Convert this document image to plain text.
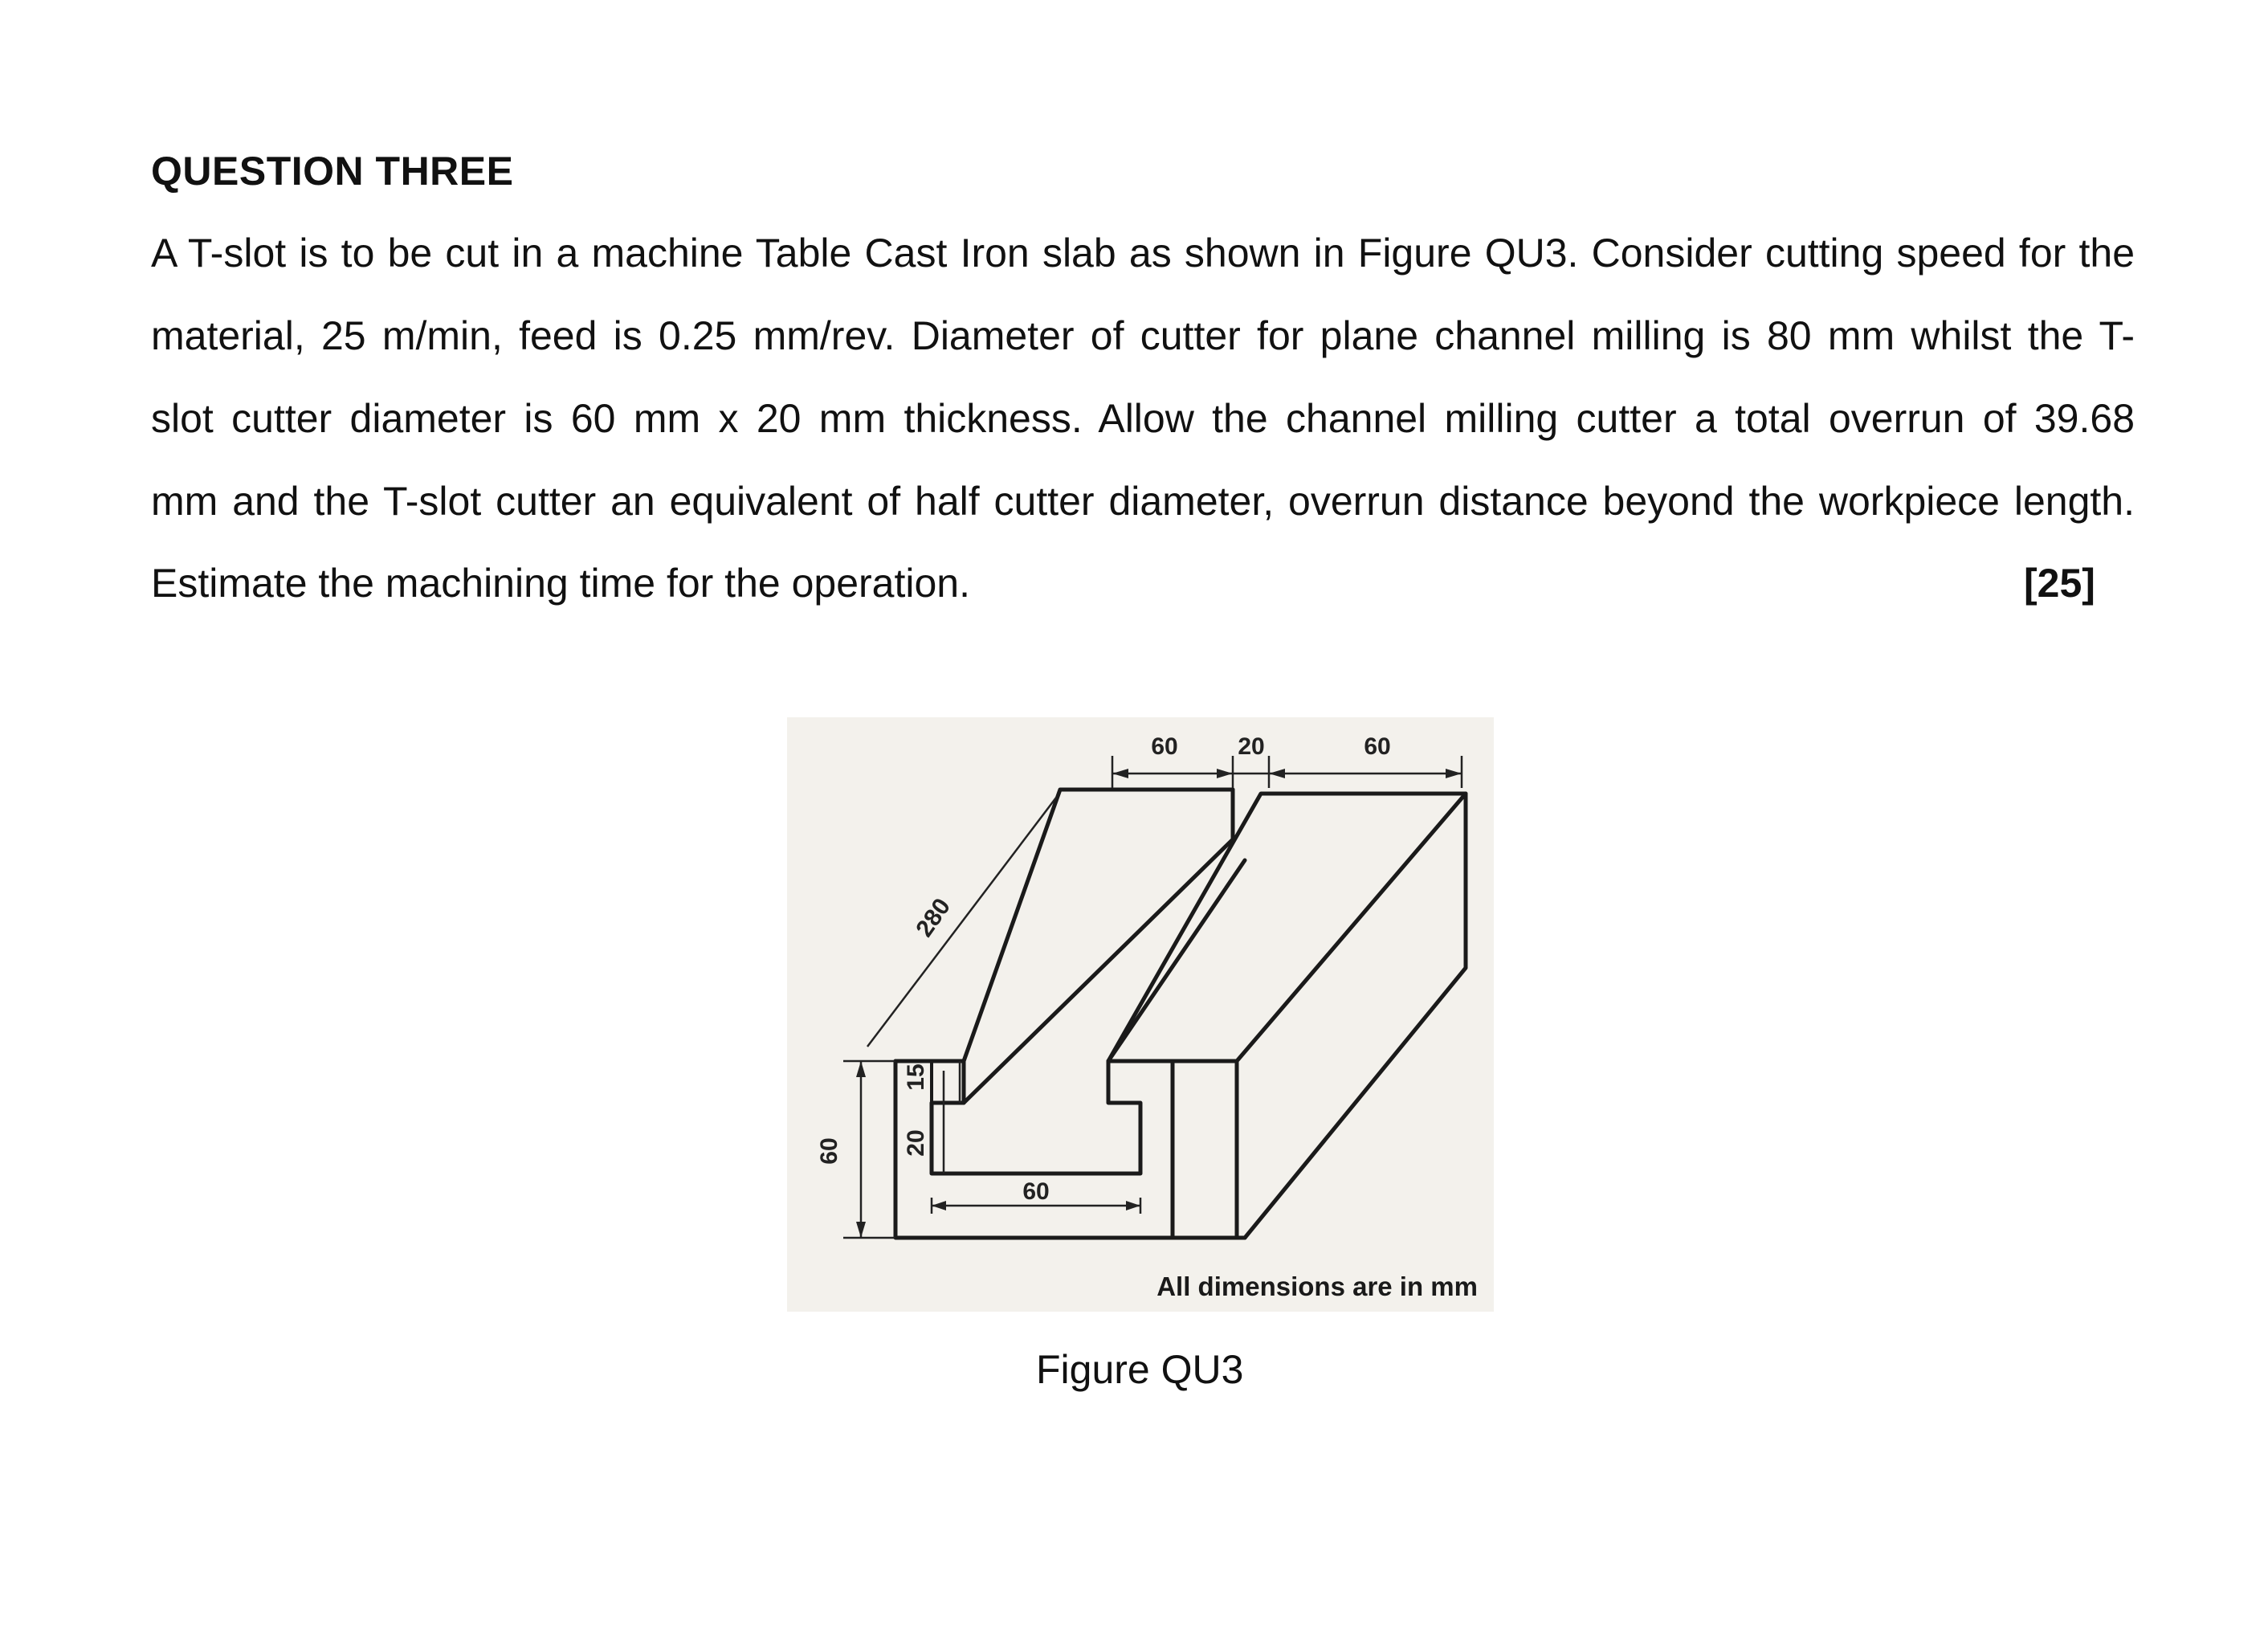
QUESTION THREE
A T-slot is to be cut in a machine Table Cast Iron slab as shown in Figure QU3. Consider cutting speed for the
material, 25 m/min, feed is 0.25 mm/rev. Diameter of cutter for plane channel milling is 80 mm whilst the T-
slot cutter diameter is 60 mm x 20 mm thickness. Allow the channel milling cutter a total overrun of 39.68
mm and the T-slot cutter an equivalent of half cutter diameter, overrun distance beyond the workpiece length.
Estimate the machining time for the operation.	[25]
60 20	60
280
60	20
15
60
All dimensions are in mm
Figure QU3
